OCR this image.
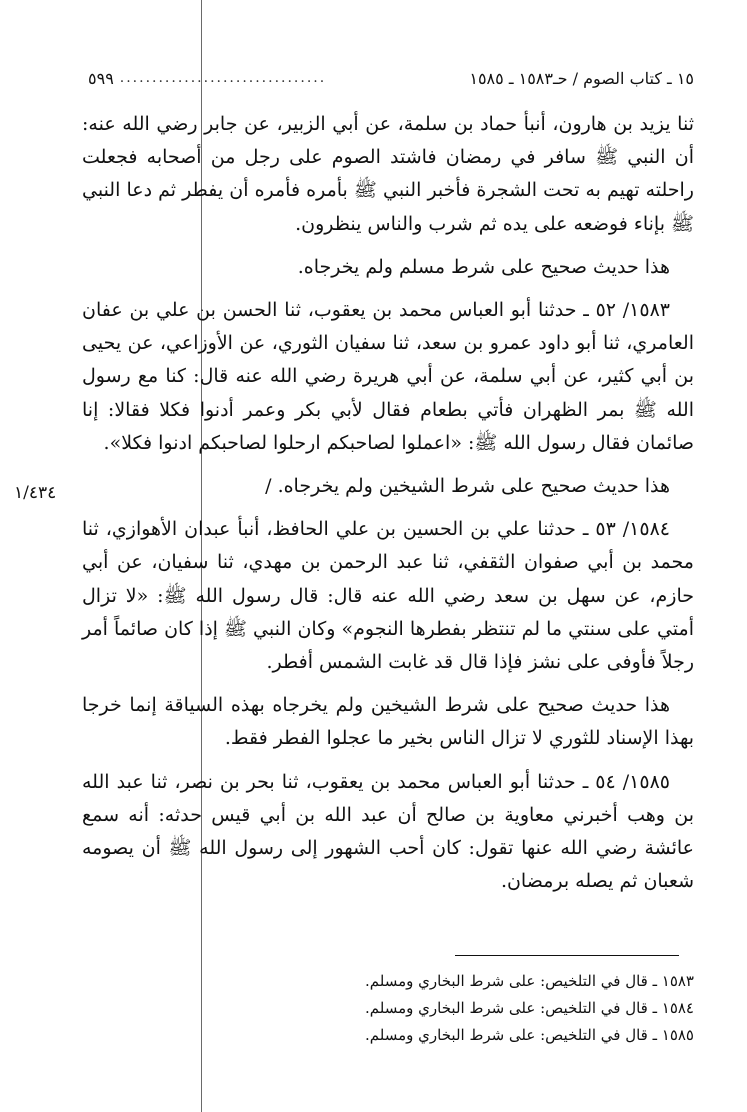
١٥ ـ كتاب الصوم / حـ١٥٨٣ ـ ١٥٨٥
................................
٥٩٩

ثنا يزيد بن هارون، أنبأ حماد بن سلمة، عن أبي الزبير، عن جابر رضي الله عنه: أن النبي ﷺ سافر في رمضان فاشتد الصوم على رجل من أصحابه فجعلت راحلته تهيم به تحت الشجرة فأخبر النبي ﷺ بأمره فأمره أن يفطر ثم دعا النبي ﷺ بإناء فوضعه على يده ثم شرب والناس ينظرون.

هذا حديث صحيح على شرط مسلم ولم يخرجاه.

١٥٨٣/ ٥٢ ـ حدثنا أبو العباس محمد بن يعقوب، ثنا الحسن بن علي بن عفان العامري، ثنا أبو داود عمرو بن سعد، ثنا سفيان الثوري، عن الأوزاعي، عن يحيى بن أبي كثير، عن أبي سلمة، عن أبي هريرة رضي الله عنه قال: كنا مع رسول الله ﷺ بمر الظهران فأتي بطعام فقال لأبي بكر وعمر أدنوا فكلا فقالا: إنا صائمان فقال رسول الله ﷺ: «اعملوا لصاحبكم ارحلوا لصاحبكم ادنوا فكلا».

هذا حديث صحيح على شرط الشيخين ولم يخرجاه. /

١٥٨٤/ ٥٣ ـ حدثنا علي بن الحسين بن علي الحافظ، أنبأ عبدان الأهوازي، ثنا محمد بن أبي صفوان الثقفي، ثنا عبد الرحمن بن مهدي، ثنا سفيان، عن أبي حازم، عن سهل بن سعد رضي الله عنه قال: قال رسول الله ﷺ: «لا تزال أمتي على سنتي ما لم تنتظر بفطرها النجوم» وكان النبي ﷺ إذا كان صائماً أمر رجلاً فأوفى على نشز فإذا قال قد غابت الشمس أفطر.

هذا حديث صحيح على شرط الشيخين ولم يخرجاه بهذه السياقة إنما خرجا بهذا الإسناد للثوري لا تزال الناس بخير ما عجلوا الفطر فقط.

١٥٨٥/ ٥٤ ـ حدثنا أبو العباس محمد بن يعقوب، ثنا بحر بن نصر، ثنا عبد الله بن وهب أخبرني معاوية بن صالح أن عبد الله بن أبي قيس حدثه: أنه سمع عائشة رضي الله عنها تقول: كان أحب الشهور إلى رسول الله ﷺ أن يصومه شعبان ثم يصله برمضان.

١/٤٣٤
١٥٨٣ ـ قال في التلخيص: على شرط البخاري ومسلم.
١٥٨٤ ـ قال في التلخيص: على شرط البخاري ومسلم.
١٥٨٥ ـ قال في التلخيص: على شرط البخاري ومسلم.
